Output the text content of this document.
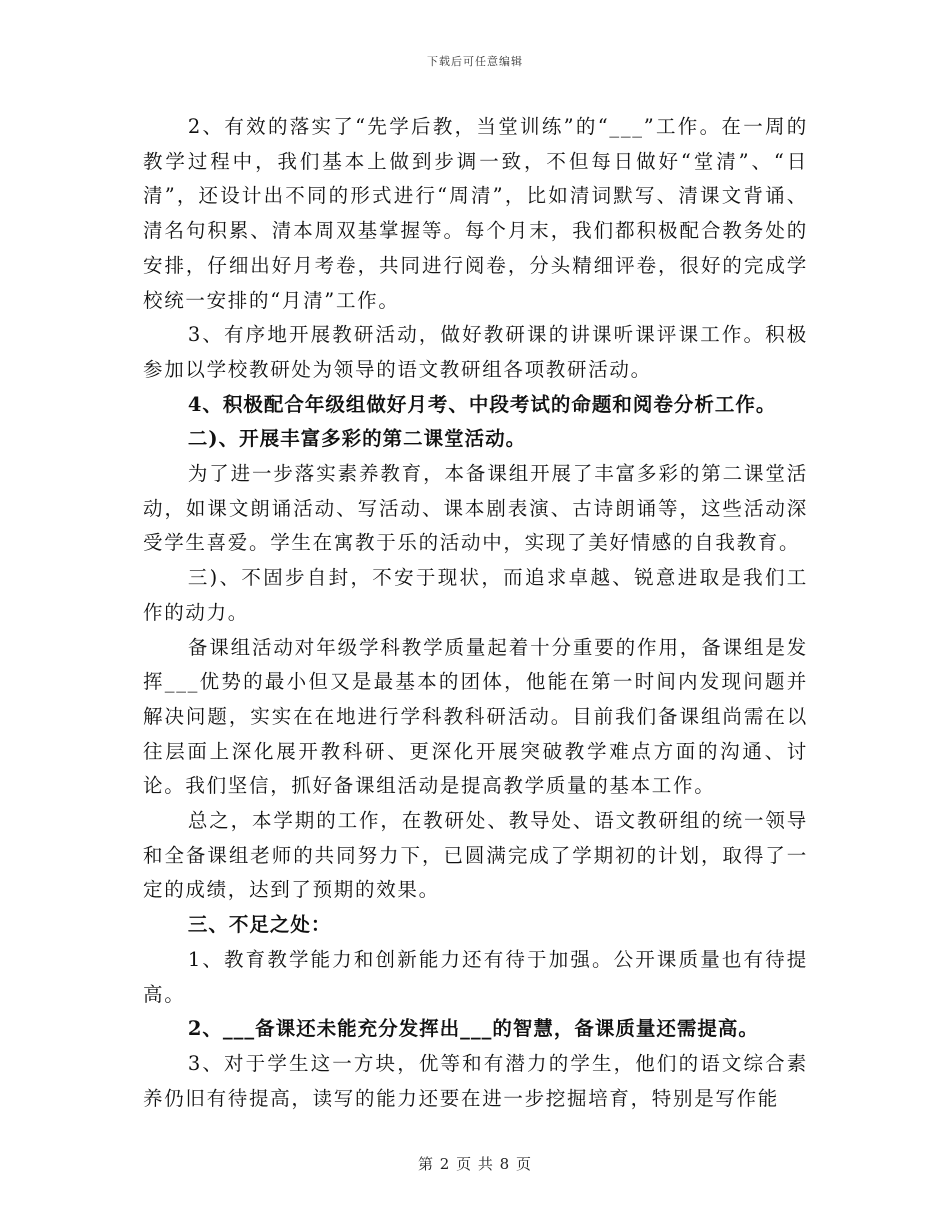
下载后可任意编辑

2、有效的落实了“先学后教，当堂训练”的“___”工作。在一周的教学过程中，我们基本上做到步调一致，不但每日做好“堂清”、“日清”，还设计出不同的形式进行“周清”，比如清词默写、清课文背诵、清名句积累、清本周双基掌握等。每个月末，我们都积极配合教务处的安排，仔细出好月考卷，共同进行阅卷，分头精细评卷，很好的完成学校统一安排的“月清”工作。

3、有序地开展教研活动，做好教研课的讲课听课评课工作。积极参加以学校教研处为领导的语文教研组各项教研活动。

4、积极配合年级组做好月考、中段考试的命题和阅卷分析工作。

二)、开展丰富多彩的第二课堂活动。

为了进一步落实素养教育，本备课组开展了丰富多彩的第二课堂活动，如课文朗诵活动、写活动、课本剧表演、古诗朗诵等，这些活动深受学生喜爱。学生在寓教于乐的活动中，实现了美好情感的自我教育。

三)、不固步自封，不安于现状，而追求卓越、锐意进取是我们工作的动力。

备课组活动对年级学科教学质量起着十分重要的作用，备课组是发挥___优势的最小但又是最基本的团体，他能在第一时间内发现问题并解决问题，实实在在地进行学科教科研活动。目前我们备课组尚需在以往层面上深化展开教科研、更深化开展突破教学难点方面的沟通、讨论。我们坚信，抓好备课组活动是提高教学质量的基本工作。

总之，本学期的工作，在教研处、教导处、语文教研组的统一领导和全备课组老师的共同努力下，已圆满完成了学期初的计划，取得了一定的成绩，达到了预期的效果。

三、不足之处：

1、教育教学能力和创新能力还有待于加强。公开课质量也有待提高。

2、___备课还未能充分发挥出___的智慧，备课质量还需提高。

3、对于学生这一方块，优等和有潜力的学生，他们的语文综合素养仍旧有待提高，读写的能力还要在进一步挖掘培育，特别是写作能

第 2 页 共 8 页
